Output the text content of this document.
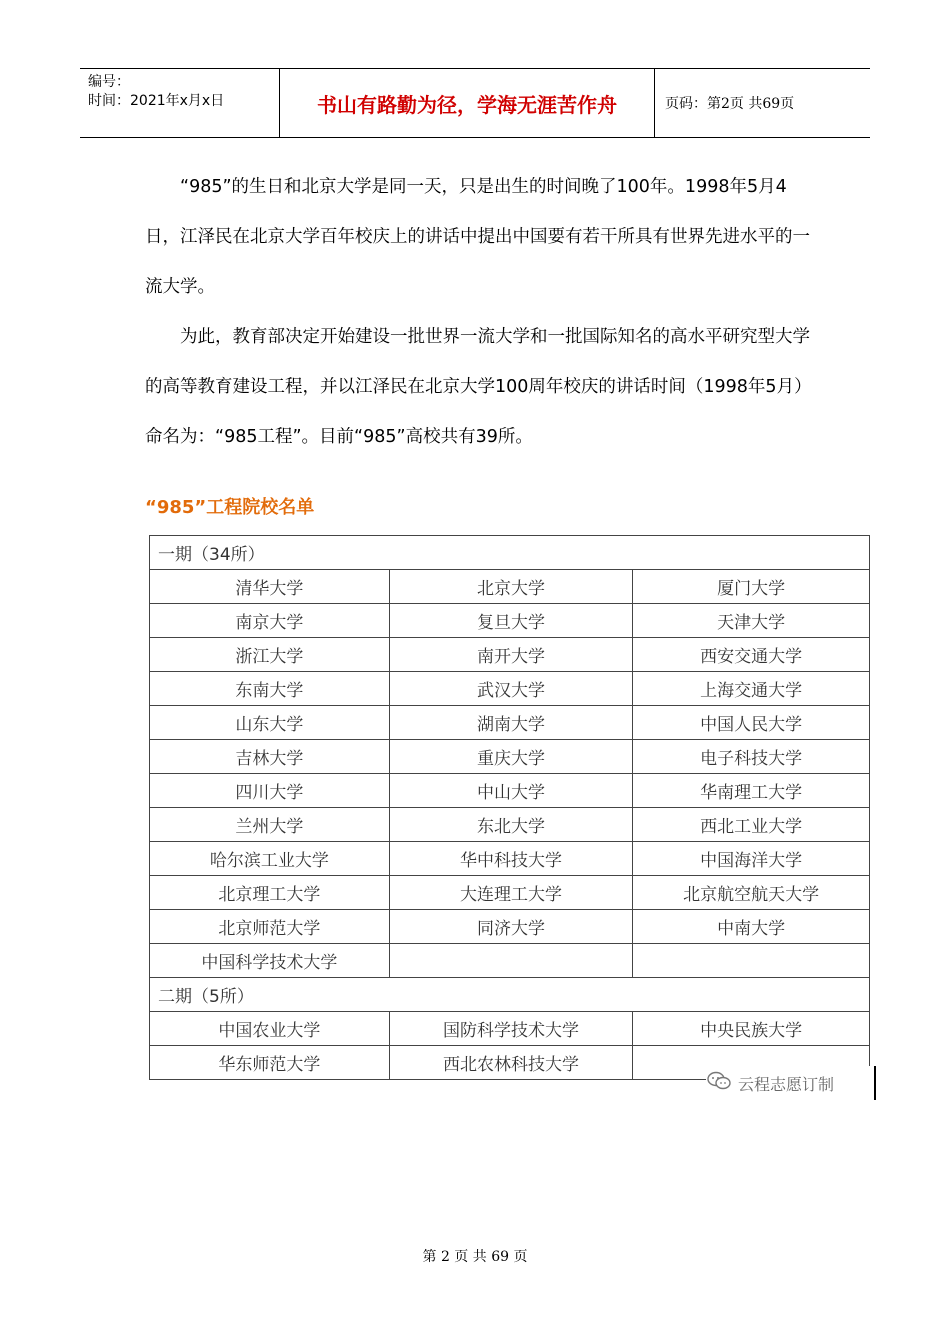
编号：
时间：2021年x月x日	书山有路勤为径，学海无涯苦作舟	页码：第2页 共69页

“985”的生日和北京大学是同一天，只是出生的时间晚了100年。1998年5月4日，江泽民在北京大学百年校庆上的讲话中提出中国要有若干所具有世界先进水平的一流大学。

为此，教育部决定开始建设一批世界一流大学和一批国际知名的高水平研究型大学的高等教育建设工程，并以江泽民在北京大学100周年校庆的讲话时间（1998年5月）命名为：“985工程”。目前“985”高校共有39所。

“985”工程院校名单
一期（34所）		
清华大学	北京大学	厦门大学
南京大学	复旦大学	天津大学
浙江大学	南开大学	西安交通大学
东南大学	武汉大学	上海交通大学
山东大学	湖南大学	中国人民大学
吉林大学	重庆大学	电子科技大学
四川大学	中山大学	华南理工大学
兰州大学	东北大学	西北工业大学
哈尔滨工业大学	华中科技大学	中国海洋大学
北京理工大学	大连理工大学	北京航空航天大学
北京师范大学	同济大学	中南大学
中国科学技术大学		
二期（5所）		
中国农业大学	国防科学技术大学	中央民族大学
华东师范大学	西北农林科技大学	
云程志愿订制
第 2 页 共 69 页
